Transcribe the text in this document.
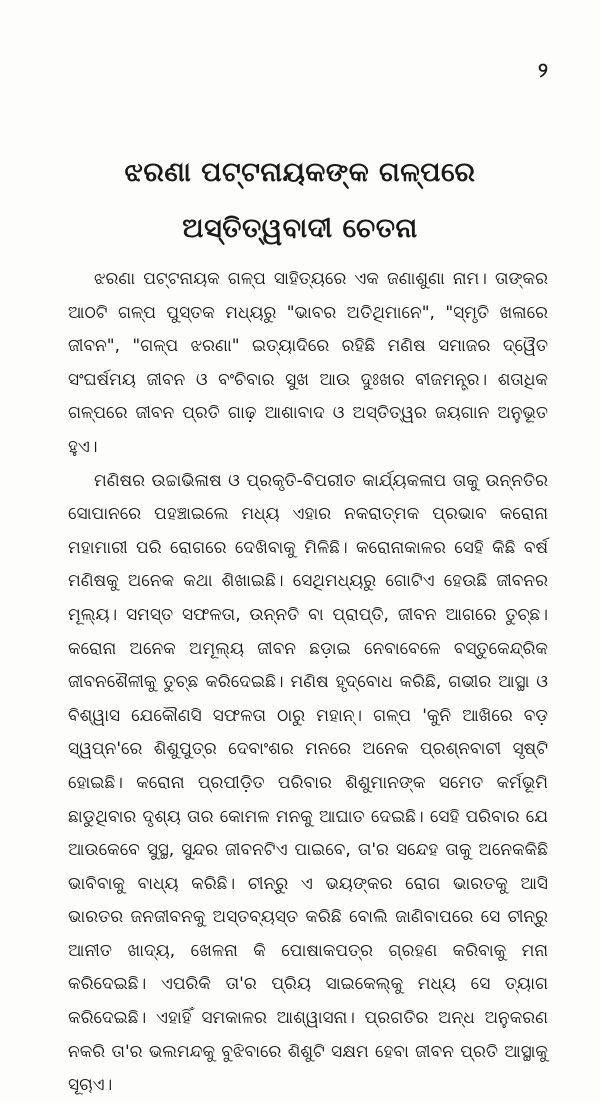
୨
ଝରଣା ପଟ୍ଟନାୟକଙ୍କ ଗଳ୍ପରେ
ଅସ୍ତିତ୍ୱବାଦୀ ଚେତନା

ଝରଣା ପଟ୍ଟନାୟକ ଗଳ୍ପ ସାହିତ୍ୟରେ ଏକ ଜଣାଶୁଣା ନାମ। ତାଙ୍କର ଆଠଟି ଗଳ୍ପ ପୁସ୍ତକ ମଧ୍ୟରୁ "ଭାବର ଅତିଥିମାନେ", "ସ୍ମୃତି ଖଳାରେ ଜୀବନ", "ଗଳ୍ପ ଝରଣା" ଇତ୍ୟାଦିରେ ରହିଛି ମଣିଷ ସମାଜର ଦ୍ୱୈତ ସଂଘର୍ଷମୟ ଜୀବନ ଓ ବଂଚିବାର ସୁଖ ଆଉ ଦୁଃଖର ବୀଜମନ୍ତ୍ର। ଶତାଧିକ ଗଳ୍ପରେ ଜୀବନ ପ୍ରତି ଗାଢ଼ ଆଶାବାଦ ଓ ଅସ୍ତିତ୍ୱର ଜୟଗାନ ଅନୁଭୂତ ହୁଏ।

ମଣିଷର ଉଚ୍ଚାଭିଳାଷ ଓ ପ୍ରକୃତି-ବିପରୀତ କାର୍ଯ୍ୟକଳାପ ତାକୁ ଉନ୍ନତିର ସୋପାନରେ ପହଞ୍ଚାଇଲେ ମଧ୍ୟ ଏହାର ନକରାତ୍ମକ ପ୍ରଭାବ କରୋନା ମହାମାରୀ ପରି ରୋଗରେ ଦେଖିବାକୁ ମିଳିଛି। କରୋନାକାଳର ସେହି କିଛି ବର୍ଷ ମଣିଷକୁ ଅନେକ କଥା ଶିଖାଇଛି। ସେଥିମଧ୍ୟରୁ ଗୋଟିଏ ହେଉଛି ଜୀବନର ମୂଲ୍ୟ। ସମସ୍ତ ସଫଳତା, ଉନ୍ନତି ବା ପ୍ରାପ୍ତି, ଜୀବନ ଆଗରେ ତୁଚ୍ଛ। କରୋନା ଅନେକ ଅମୂଲ୍ୟ ଜୀବନ ଛଡ଼ାଇ ନେବାବେଳେ ବସ୍ତୁକେନ୍ଦ୍ରିକ ଜୀବନଶୈଳୀକୁ ତୁଚ୍ଛ କରିଦେଇଛି। ମଣିଷ ହୃଦ୍‌ବୋଧ କରିଛି, ଗଭୀର ଆସ୍ଥା ଓ ବିଶ୍ୱାସ ଯେକୌଣସି ସଫଳତା ଠାରୁ ମହାନ୍। ଗଳ୍ପ 'କୁନି ଆଖିରେ ବଡ଼ ସ୍ୱପ୍ନ'ରେ ଶିଶୁପୁତ୍ର ଦେବାଂଶର ମନରେ ଅନେକ ପ୍ରଶ୍ନବାଚୀ ସୃଷ୍ଟି ହୋଇଛି। କରୋନା ପ୍ରପୀଡ଼ିତ ପରିବାର ଶିଶୁମାନଙ୍କ ସମେତ କର୍ମଭୂମି ଛାଡୁଥିବାର ଦୃଶ୍ୟ ତାର କୋମଳ ମନକୁ ଆଘାତ ଦେଇଛି। ସେହି ପରିବାର ଯେ ଆଉକେବେ ସୁସ୍ଥ, ସୁନ୍ଦର ଜୀବନଟିଏ ପାଇବେ, ତା'ର ସନ୍ଦେହ ତାକୁ ଅନେକକିଛି ଭାବିବାକୁ ବାଧ୍ୟ କରିଛି। ଚୀନ୍‌ରୁ ଏ ଭୟଙ୍କର ରୋଗ ଭାରତକୁ ଆସି ଭାରତର ଜନଜୀବନକୁ ଅସ୍ତବ୍ୟସ୍ତ କରିଛି ବୋଲି ଜାଣିବାପରେ ସେ ଚୀନ୍‌ରୁ ଆନୀତ ଖାଦ୍ୟ, ଖେଳନା କି ପୋଷାକପତ୍ର ଗ୍ରହଣ କରିବାକୁ ମନା କରିଦେଇଛି। ଏପରିକି ତା'ର ପ୍ରିୟ ସାଇକେଲ୍‌କୁ ମଧ୍ୟ ସେ ତ୍ୟାଗ କରିଦେଇଛି। ଏହାହିଁ ସମକାଳର ଆଶ୍ୱାସନା। ପ୍ରଗତିର ଅନ୍ଧ ଅନୁକରଣ ନକରି ତା'ର ଭଲମନ୍ଦକୁ ବୁଝିବାରେ ଶିଶୁଟି ସକ୍ଷମ ହେବା ଜୀବନ ପ୍ରତି ଆସ୍ଥାକୁ ସୂଚାଏ।
